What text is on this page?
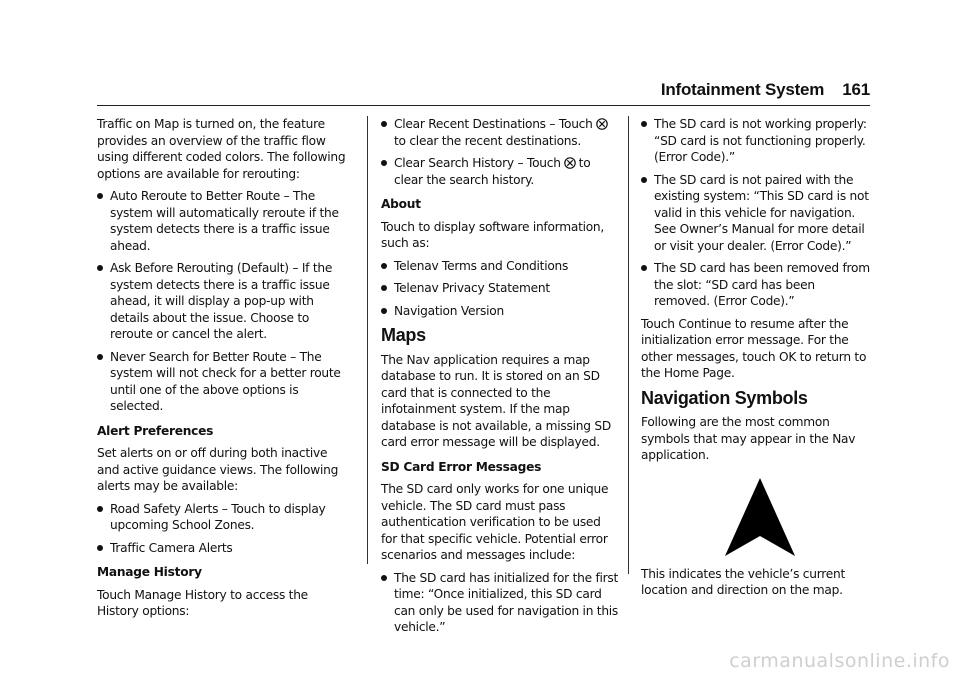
Infotainment System 161

Traffic on Map is turned on, the feature provides an overview of the traffic flow using different coded colors. The following options are available for rerouting:

Auto Reroute to Better Route – The system will automatically reroute if the system detects there is a traffic issue ahead.
Ask Before Rerouting (Default) – If the system detects there is a traffic issue ahead, it will display a pop-up with details about the issue. Choose to reroute or cancel the alert.
Never Search for Better Route – The system will not check for a better route until one of the above options is selected.

Alert Preferences

Set alerts on or off during both inactive and active guidance views. The following alerts may be available:

Road Safety Alerts – Touch to display upcoming School Zones.
Traffic Camera Alerts

Manage History

Touch Manage History to access the History options:

Clear Recent Destinations – Touchto clear the recent destinations.
Clear Search History – Touch to clear the search history.

About

Touch to display software information, such as:

Telenav Terms and Conditions
Telenav Privacy Statement
Navigation Version
Maps

The Nav application requires a map database to run. It is stored on an SD card that is connected to the infotainment system. If the map database is not available, a missing SD card error message will be displayed.

SD Card Error Messages

The SD card only works for one unique vehicle. The SD card must pass authentication verification to be used for that specific vehicle. Potential error scenarios and messages include:

The SD card has initialized for the first time: “Once initialized, this SD card can only be used for navigation in this vehicle.”
The SD card is not working properly: “SD card is not functioning properly. (Error Code).”
The SD card is not paired with the existing system: “This SD card is not valid in this vehicle for navigation. See Owner’s Manual for more detail or visit your dealer. (Error Code).”
The SD card has been removed from the slot: “SD card has been removed. (Error Code).”

Touch Continue to resume after the initialization error message. For the other messages, touch OK to return to the Home Page.

Navigation Symbols

Following are the most common symbols that may appear in the Nav application.

This indicates the vehicle’s current location and direction on the map.

carmanualsonline.info
